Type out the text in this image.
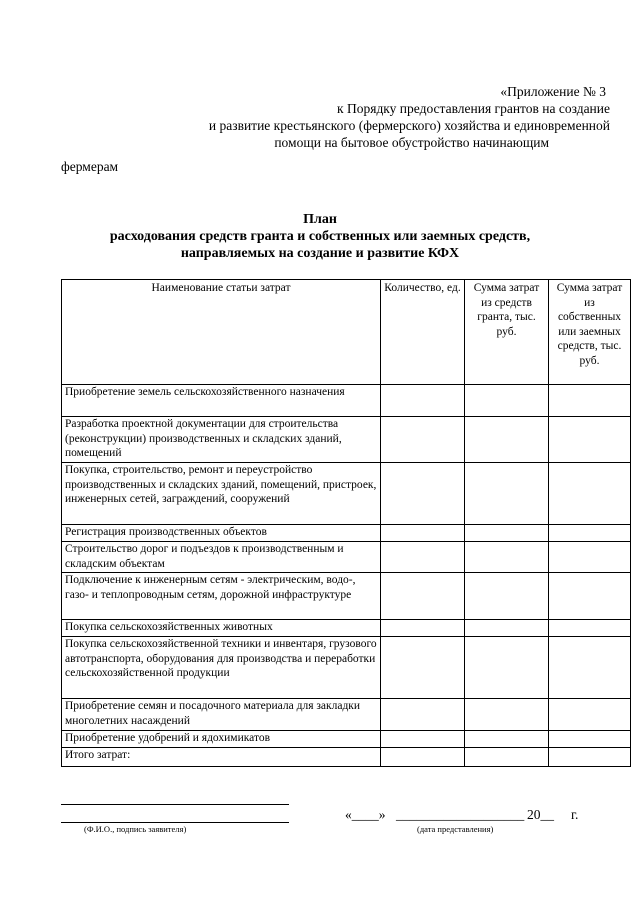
«Приложение № 3
к Порядку предоставления грантов на создание
и развитие крестьянского (фермерского) хозяйства и единовременной
помощи на бытовое обустройство начинающим
фермерам
План
расходования средств гранта и собственных или заемных средств,
направляемых на создание и развитие КФХ
Наименование статьи затрат	Количество, ед.	Сумма затрат из средств гранта, тыс. руб.	Сумма затрат из собственных или заемных средств, тыс. руб.
Приобретение земель сельскохозяйственного назначения			
Разработка проектной документации для строительства (реконструкции) производственных и складских зданий, помещений			
Покупка, строительство, ремонт и переустройство производственных и складских зданий, помещений, пристроек, инженерных сетей, заграждений, сооружений			
Регистрация производственных объектов			
Строительство дорог и подъездов к производственным и складским объектам			
Подключение к инженерным сетям - электрическим, водо-, газо- и теплопроводным сетям, дорожной инфраструктуре			
Покупка сельскохозяйственных животных			
Покупка сельскохозяйственной техники и инвентаря, грузового автотранспорта, оборудования для производства и переработки сельскохозяйственной продукции			
Приобретение семян и посадочного материала для закладки многолетних насаждений			
Приобретение удобрений и ядохимикатов			
Итого затрат:			
(Ф.И.О., подпись заявителя)
«____» ___________________ 20__ г.
(дата представления)
